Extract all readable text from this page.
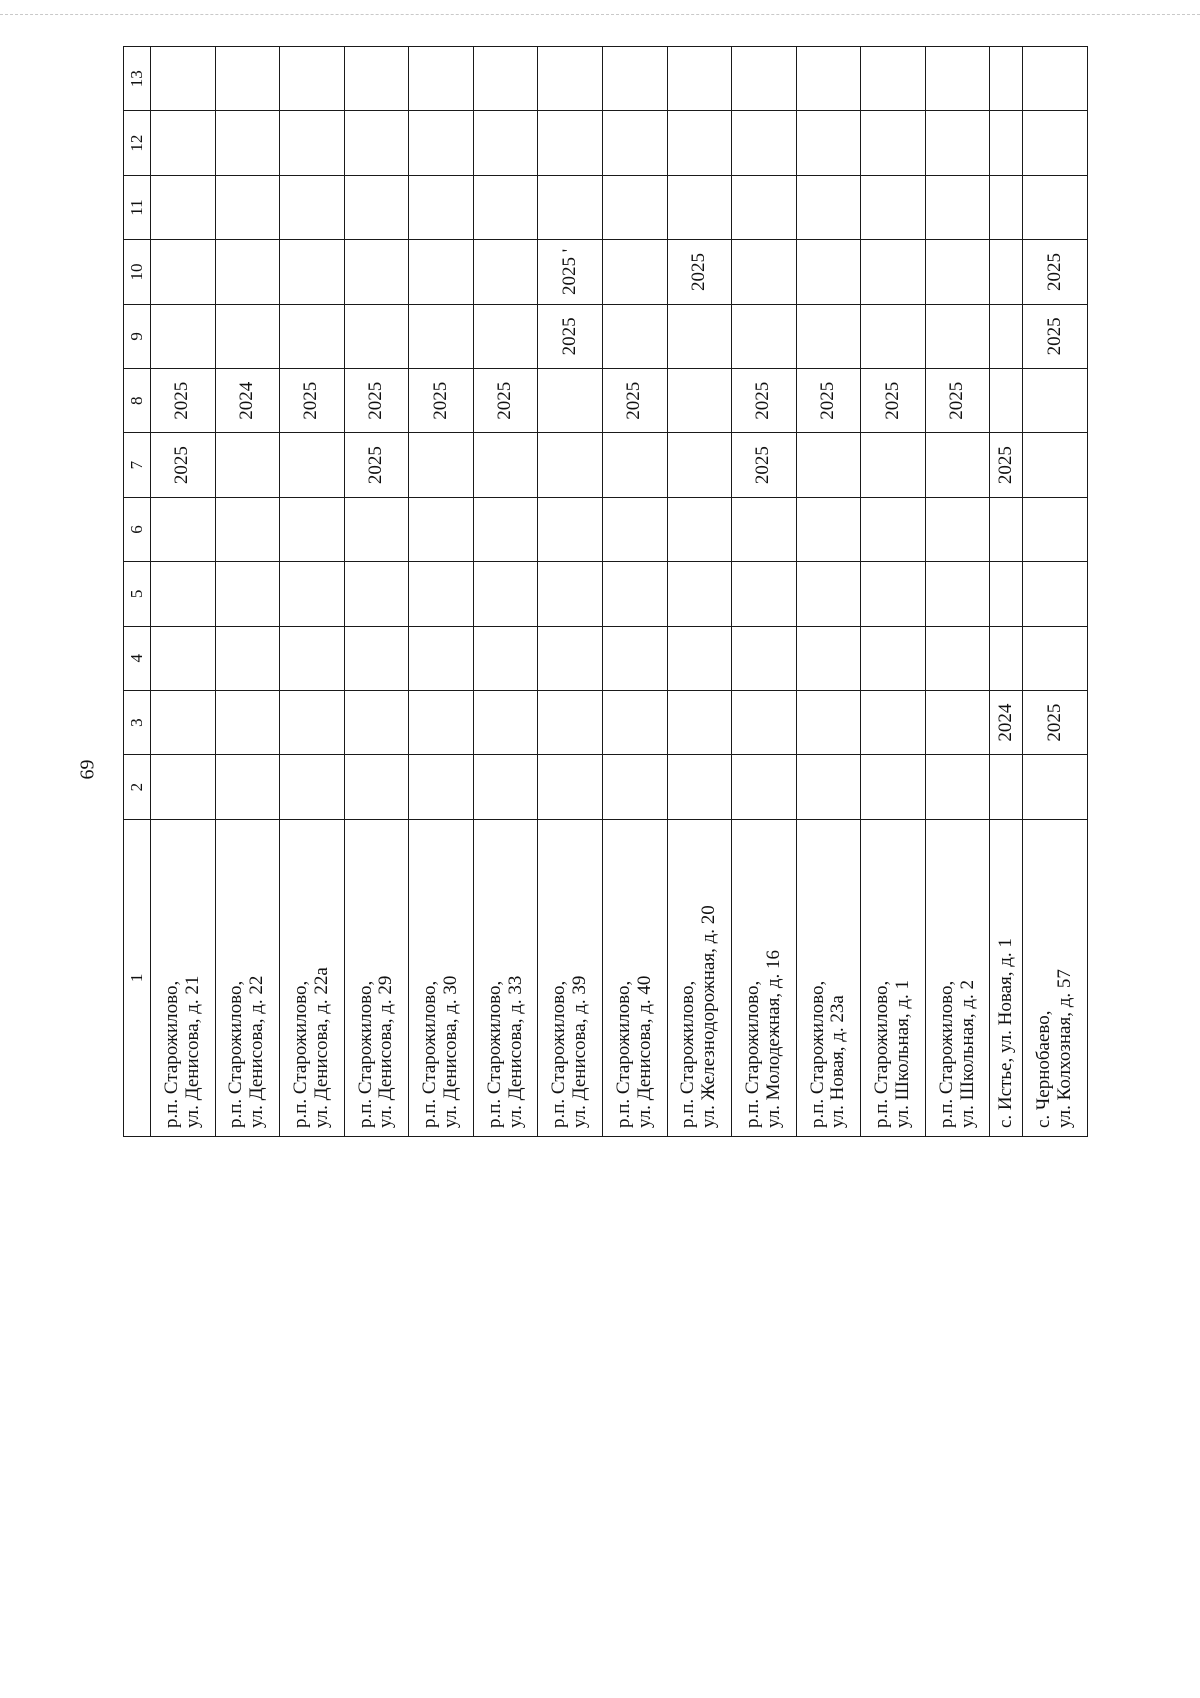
69
1	2	3	4	5	6	7	8	9	10	11	12	13

р.п. Старожилово, ул. Денисова, д. 21						2025	2025					

р.п. Старожилово, ул. Денисова, д. 22							2024					

р.п. Старожилово, ул. Денисова, д. 22а							2025					

р.п. Старожилово, ул. Денисова, д. 29						2025	2025					

р.п. Старожилово, ул. Денисова, д. 30							2025					

р.п. Старожилово, ул. Денисова, д. 33							2025					

р.п. Старожилово, ул. Денисова, д. 39								2025	2025 '			

р.п. Старожилово, ул. Денисова, д. 40							2025					

р.п. Старожилово, ул. Железнодорожная, д. 20									2025			

р.п. Старожилово, ул. Молодежная, д. 16						2025	2025					

р.п. Старожилово, ул. Новая, д. 23а							2025					

р.п. Старожилово, ул. Школьная, д. 1							2025					

р.п. Старожилово, ул. Школьная, д. 2							2025					

с. Истье, ул. Новая, д. 1		2024				2025						

с. Чернобаево, ул. Колхозная, д. 57		2025						2025	2025			
